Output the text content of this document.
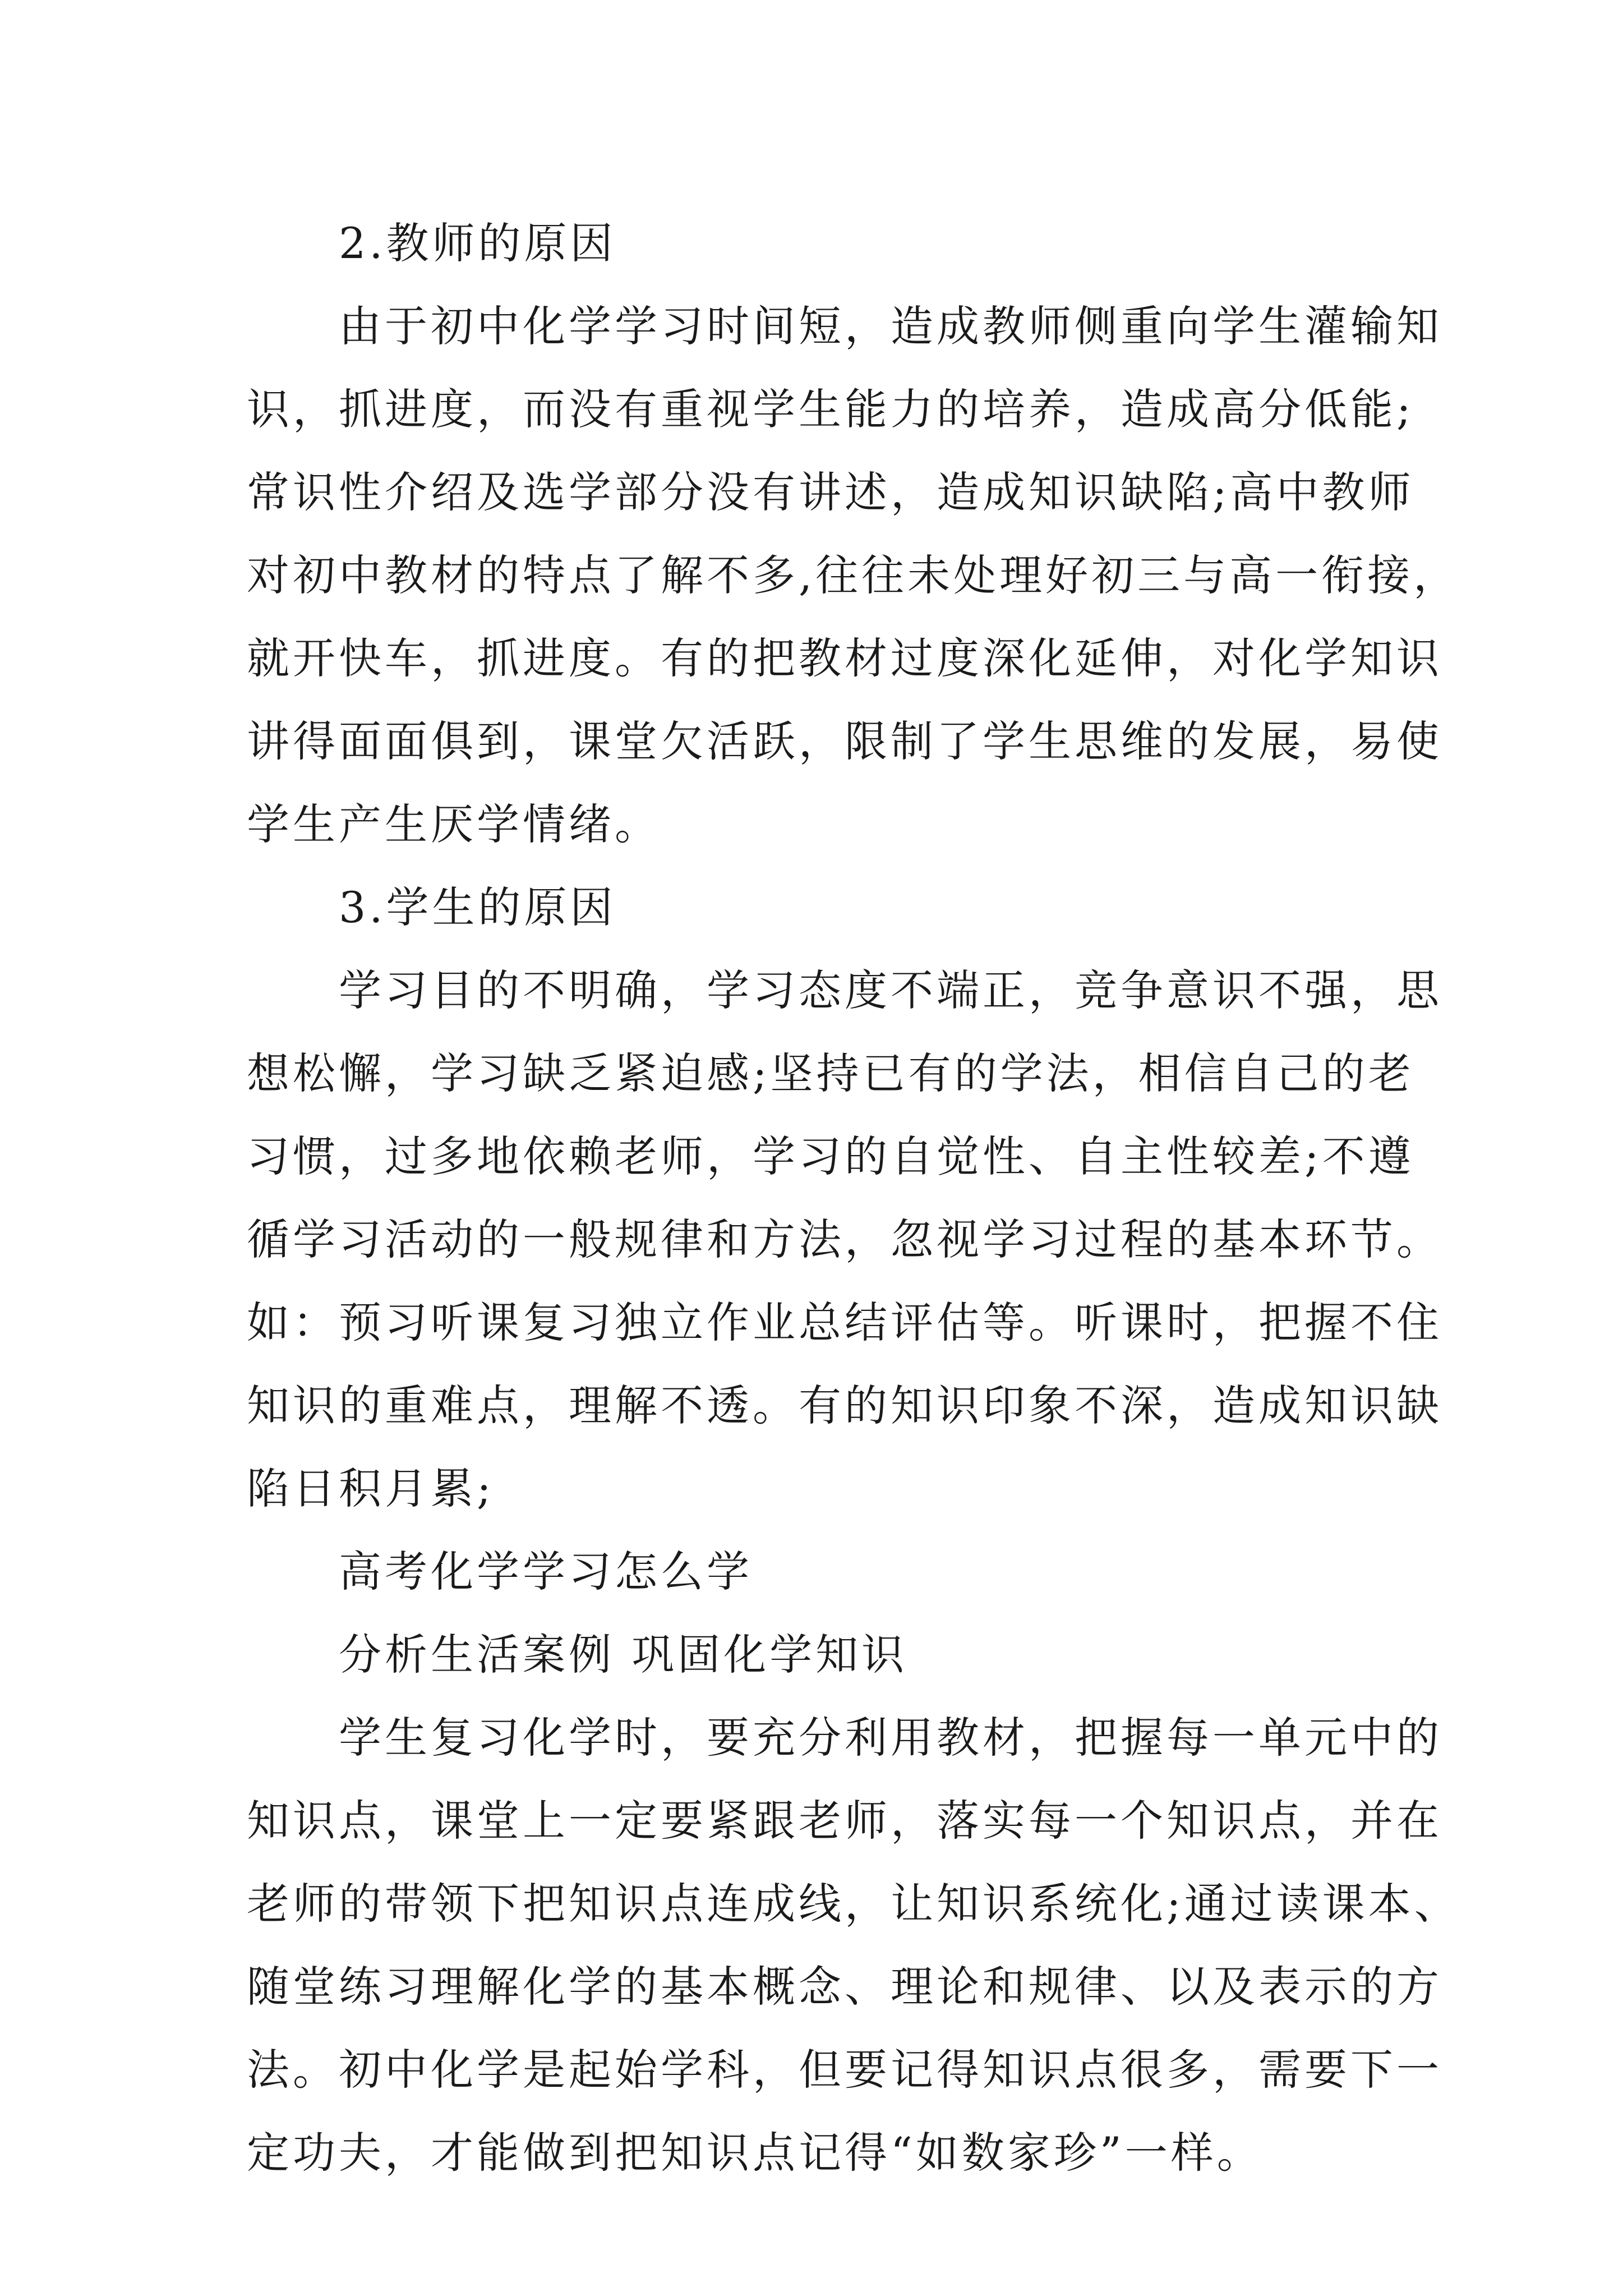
2.教师的原因
由于初中化学学习时间短，造成教师侧重向学生灌输知
识，抓进度，而没有重视学生能力的培养，造成高分低能;
常识性介绍及选学部分没有讲述，造成知识缺陷;高中教师
对初中教材的特点了解不多,往往未处理好初三与高一衔接，
就开快车，抓进度。有的把教材过度深化延伸，对化学知识
讲得面面俱到，课堂欠活跃，限制了学生思维的发展，易使
学生产生厌学情绪。
3.学生的原因
学习目的不明确，学习态度不端正，竞争意识不强，思
想松懈，学习缺乏紧迫感;坚持已有的学法，相信自己的老
习惯，过多地依赖老师，学习的自觉性、自主性较差;不遵
循学习活动的一般规律和方法，忽视学习过程的基本环节。
如：预习听课复习独立作业总结评估等。听课时，把握不住
知识的重难点，理解不透。有的知识印象不深，造成知识缺
陷日积月累;
高考化学学习怎么学
分析生活案例 巩固化学知识
学生复习化学时，要充分利用教材，把握每一单元中的
知识点，课堂上一定要紧跟老师，落实每一个知识点，并在
老师的带领下把知识点连成线，让知识系统化;通过读课本、
随堂练习理解化学的基本概念、理论和规律、以及表示的方
法。初中化学是起始学科，但要记得知识点很多，需要下一
定功夫，才能做到把知识点记得“如数家珍”一样。
